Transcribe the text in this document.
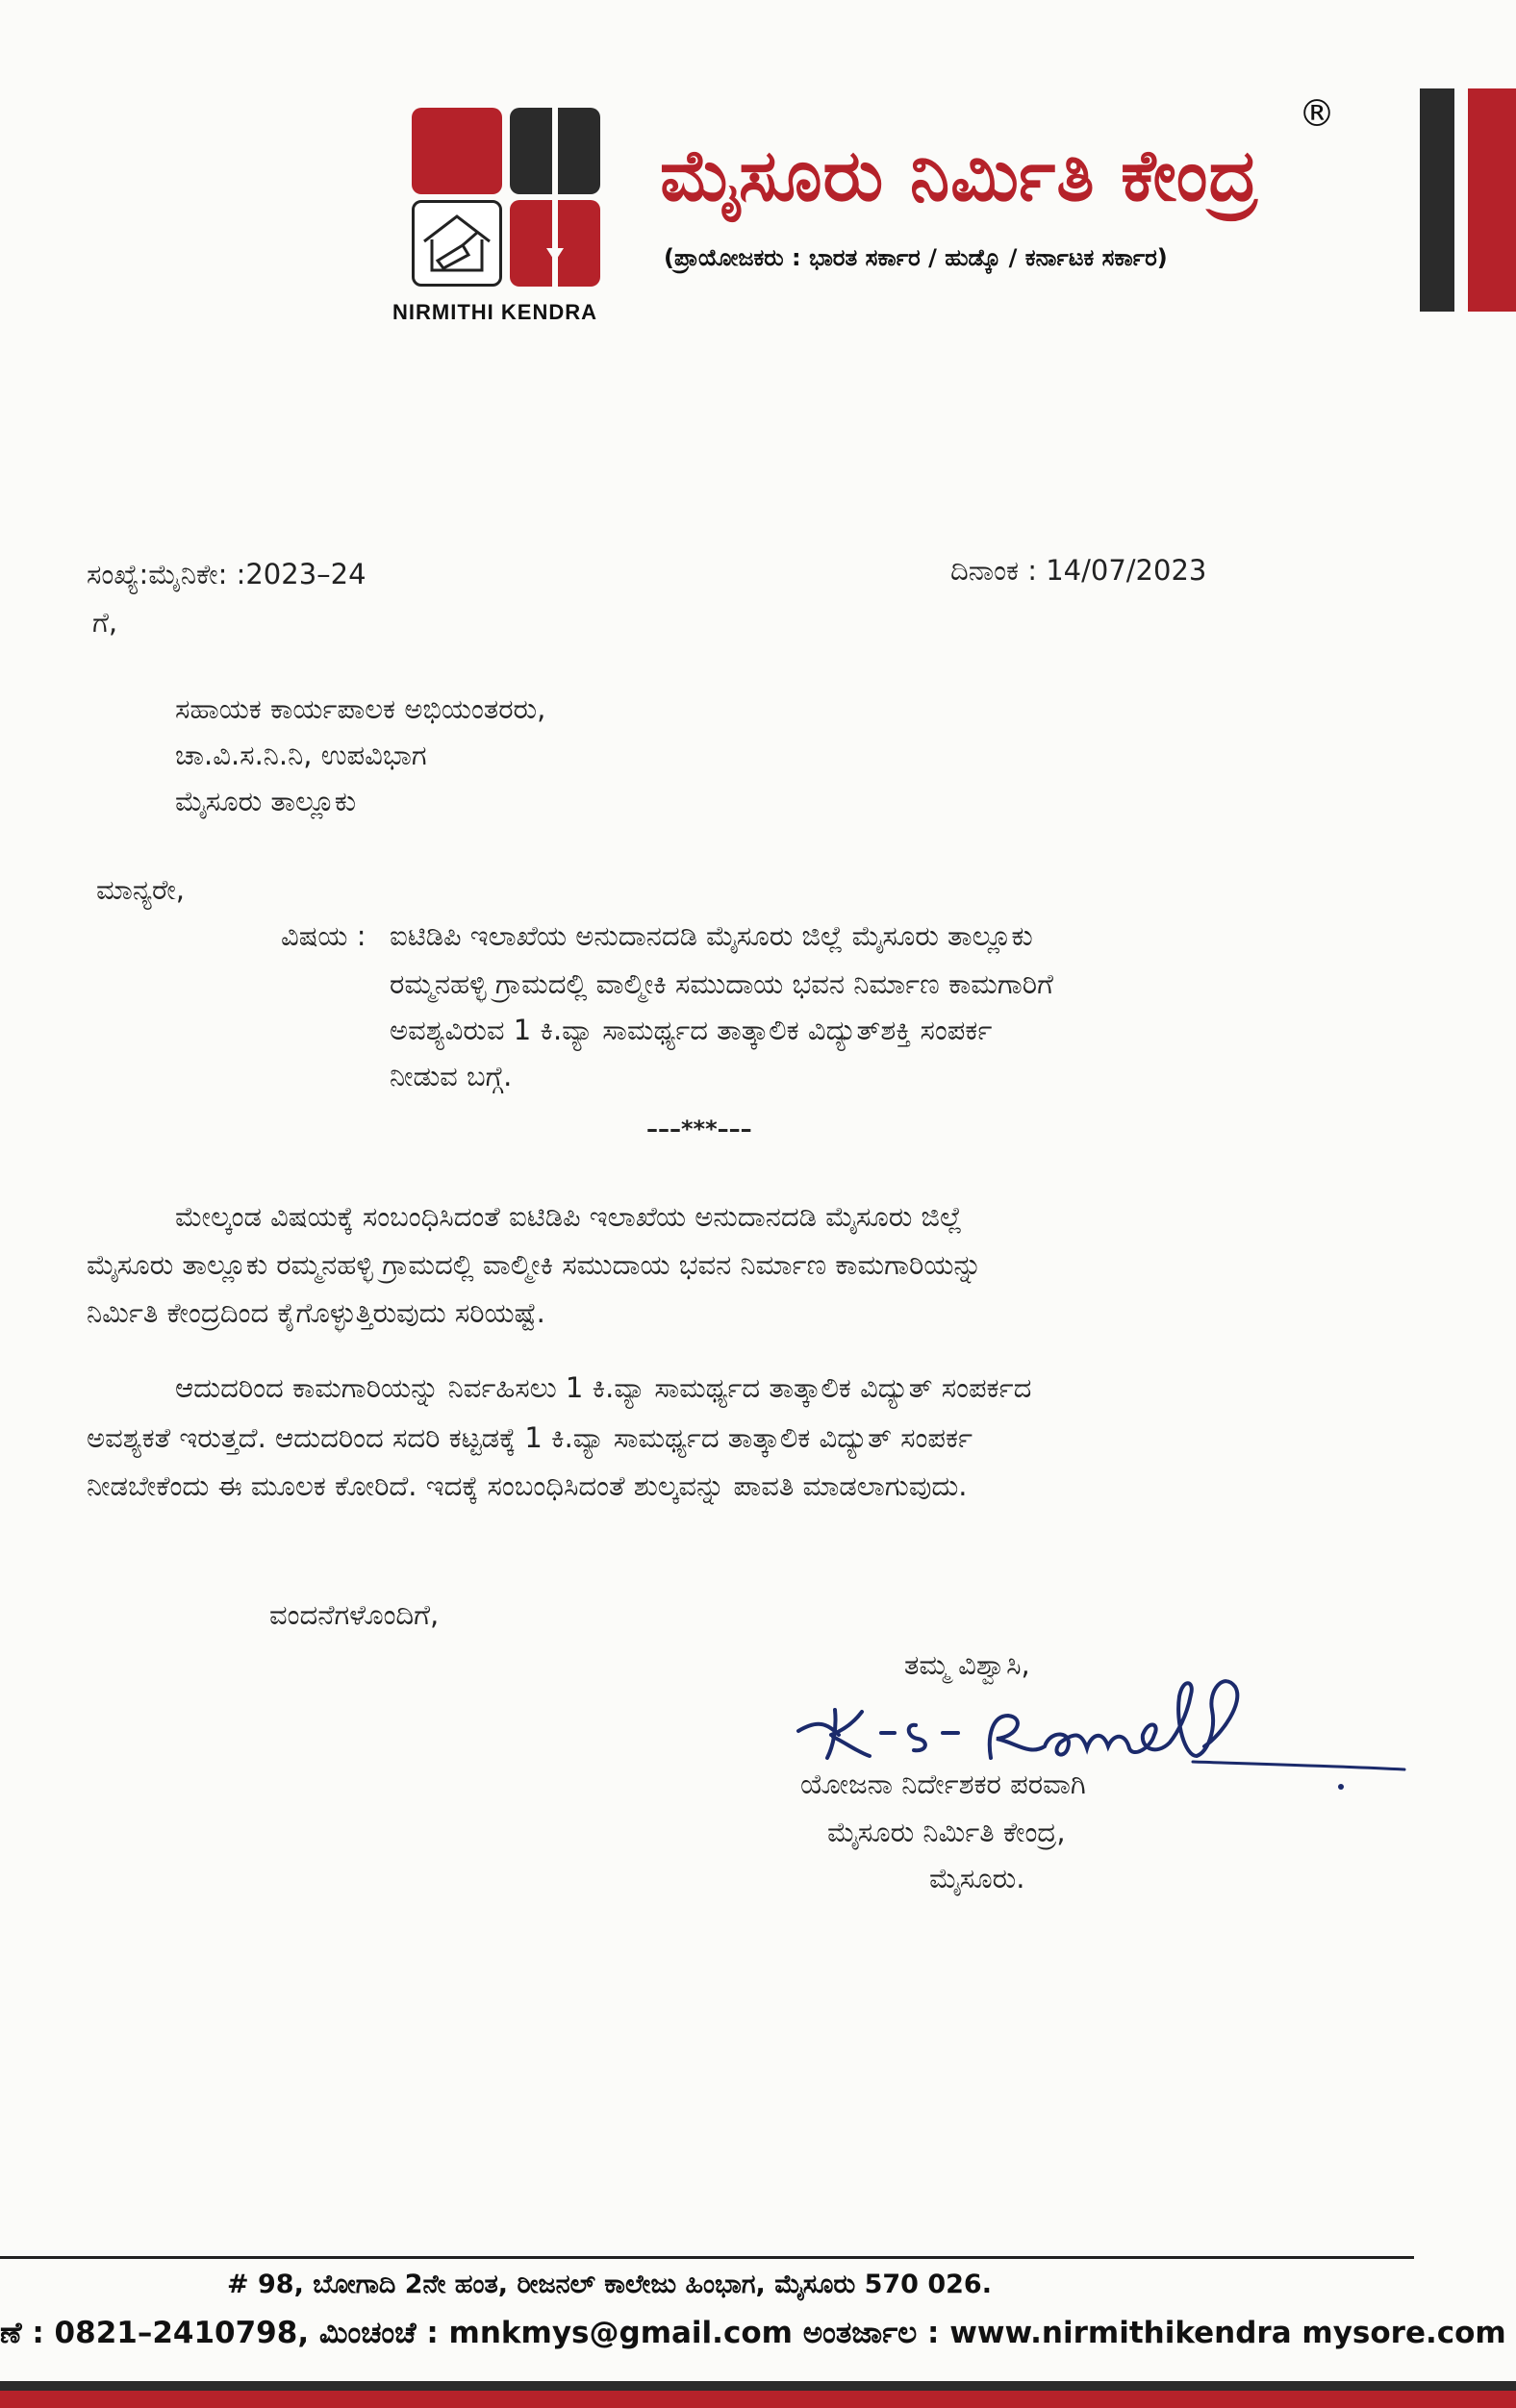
NIRMITHI KENDRA
ಮೈಸೂರು ನಿರ್ಮಿತಿ ಕೇಂದ್ರ
®
(ಪ್ರಾಯೋಜಕರು : ಭಾರತ ಸರ್ಕಾರ / ಹುಡ್ಕೊ / ಕರ್ನಾಟಕ ಸರ್ಕಾರ)
ಸಂಖ್ಯೆ:ಮೈನಿಕೇ: :2023–24	ದಿನಾಂಕ : 14/07/2023
ಗೆ,
ಸಹಾಯಕ ಕಾರ್ಯಪಾಲಕ ಅಭಿಯಂತರರು,
ಚಾ.ವಿ.ಸ.ನಿ.ನಿ, ಉಪವಿಭಾಗ
ಮೈಸೂರು ತಾಲ್ಲೂಕು
ಮಾನ್ಯರೇ,
ವಿಷಯ : ಐಟಿಡಿಪಿ ಇಲಾಖೆಯ ಅನುದಾನದಡಿ ಮೈಸೂರು ಜಿಲ್ಲೆ ಮೈಸೂರು ತಾಲ್ಲೂಕು
ರಮ್ಮನಹಳ್ಳಿ ಗ್ರಾಮದಲ್ಲಿ ವಾಲ್ಮೀಕಿ ಸಮುದಾಯ ಭವನ ನಿರ್ಮಾಣ ಕಾಮಗಾರಿಗೆ
ಅವಶ್ಯವಿರುವ 1 ಕಿ.ವ್ಯಾ ಸಾಮರ್ಥ್ಯದ ತಾತ್ಕಾಲಿಕ ವಿದ್ಯುತ್‌ಶಕ್ತಿ ಸಂಪರ್ಕ
ನೀಡುವ ಬಗ್ಗೆ.
–––***–––
ಮೇಲ್ಕಂಡ ವಿಷಯಕ್ಕೆ ಸಂಬಂಧಿಸಿದಂತೆ ಐಟಿಡಿಪಿ ಇಲಾಖೆಯ ಅನುದಾನದಡಿ ಮೈಸೂರು ಜಿಲ್ಲೆ
ಮೈಸೂರು ತಾಲ್ಲೂಕು ರಮ್ಮನಹಳ್ಳಿ ಗ್ರಾಮದಲ್ಲಿ ವಾಲ್ಮೀಕಿ ಸಮುದಾಯ ಭವನ ನಿರ್ಮಾಣ ಕಾಮಗಾರಿಯನ್ನು
ನಿರ್ಮಿತಿ ಕೇಂದ್ರದಿಂದ ಕೈಗೊಳ್ಳುತ್ತಿರುವುದು ಸರಿಯಷ್ಟೆ.
ಆದುದರಿಂದ ಕಾಮಗಾರಿಯನ್ನು ನಿರ್ವಹಿಸಲು 1 ಕಿ.ವ್ಯಾ ಸಾಮರ್ಥ್ಯದ ತಾತ್ಕಾಲಿಕ ವಿದ್ಯುತ್ ಸಂಪರ್ಕದ
ಅವಶ್ಯಕತೆ ಇರುತ್ತದೆ. ಆದುದರಿಂದ ಸದರಿ ಕಟ್ಟಡಕ್ಕೆ 1 ಕಿ.ವ್ಯಾ ಸಾಮರ್ಥ್ಯದ ತಾತ್ಕಾಲಿಕ ವಿದ್ಯುತ್ ಸಂಪರ್ಕ
ನೀಡಬೇಕೆಂದು ಈ ಮೂಲಕ ಕೋರಿದೆ. ಇದಕ್ಕೆ ಸಂಬಂಧಿಸಿದಂತೆ ಶುಲ್ಕವನ್ನು ಪಾವತಿ ಮಾಡಲಾಗುವುದು.
ವಂದನೆಗಳೊಂದಿಗೆ,
ತಮ್ಮ ವಿಶ್ವಾಸಿ,
ಯೋಜನಾ ನಿರ್ದೇಶಕರ ಪರವಾಗಿ
ಮೈಸೂರು ನಿರ್ಮಿತಿ ಕೇಂದ್ರ,
ಮೈಸೂರು.
# 98, ಬೋಗಾದಿ 2ನೇ ಹಂತ, ರೀಜನಲ್ ಕಾಲೇಜು ಹಿಂಭಾಗ, ಮೈಸೂರು 570 026.
ಣೆ : 0821–2410798, ಮಿಂಚಂಚೆ : mnkmys@gmail.com ಅಂತರ್ಜಾಲ : www.nirmithikendra mysore.com
